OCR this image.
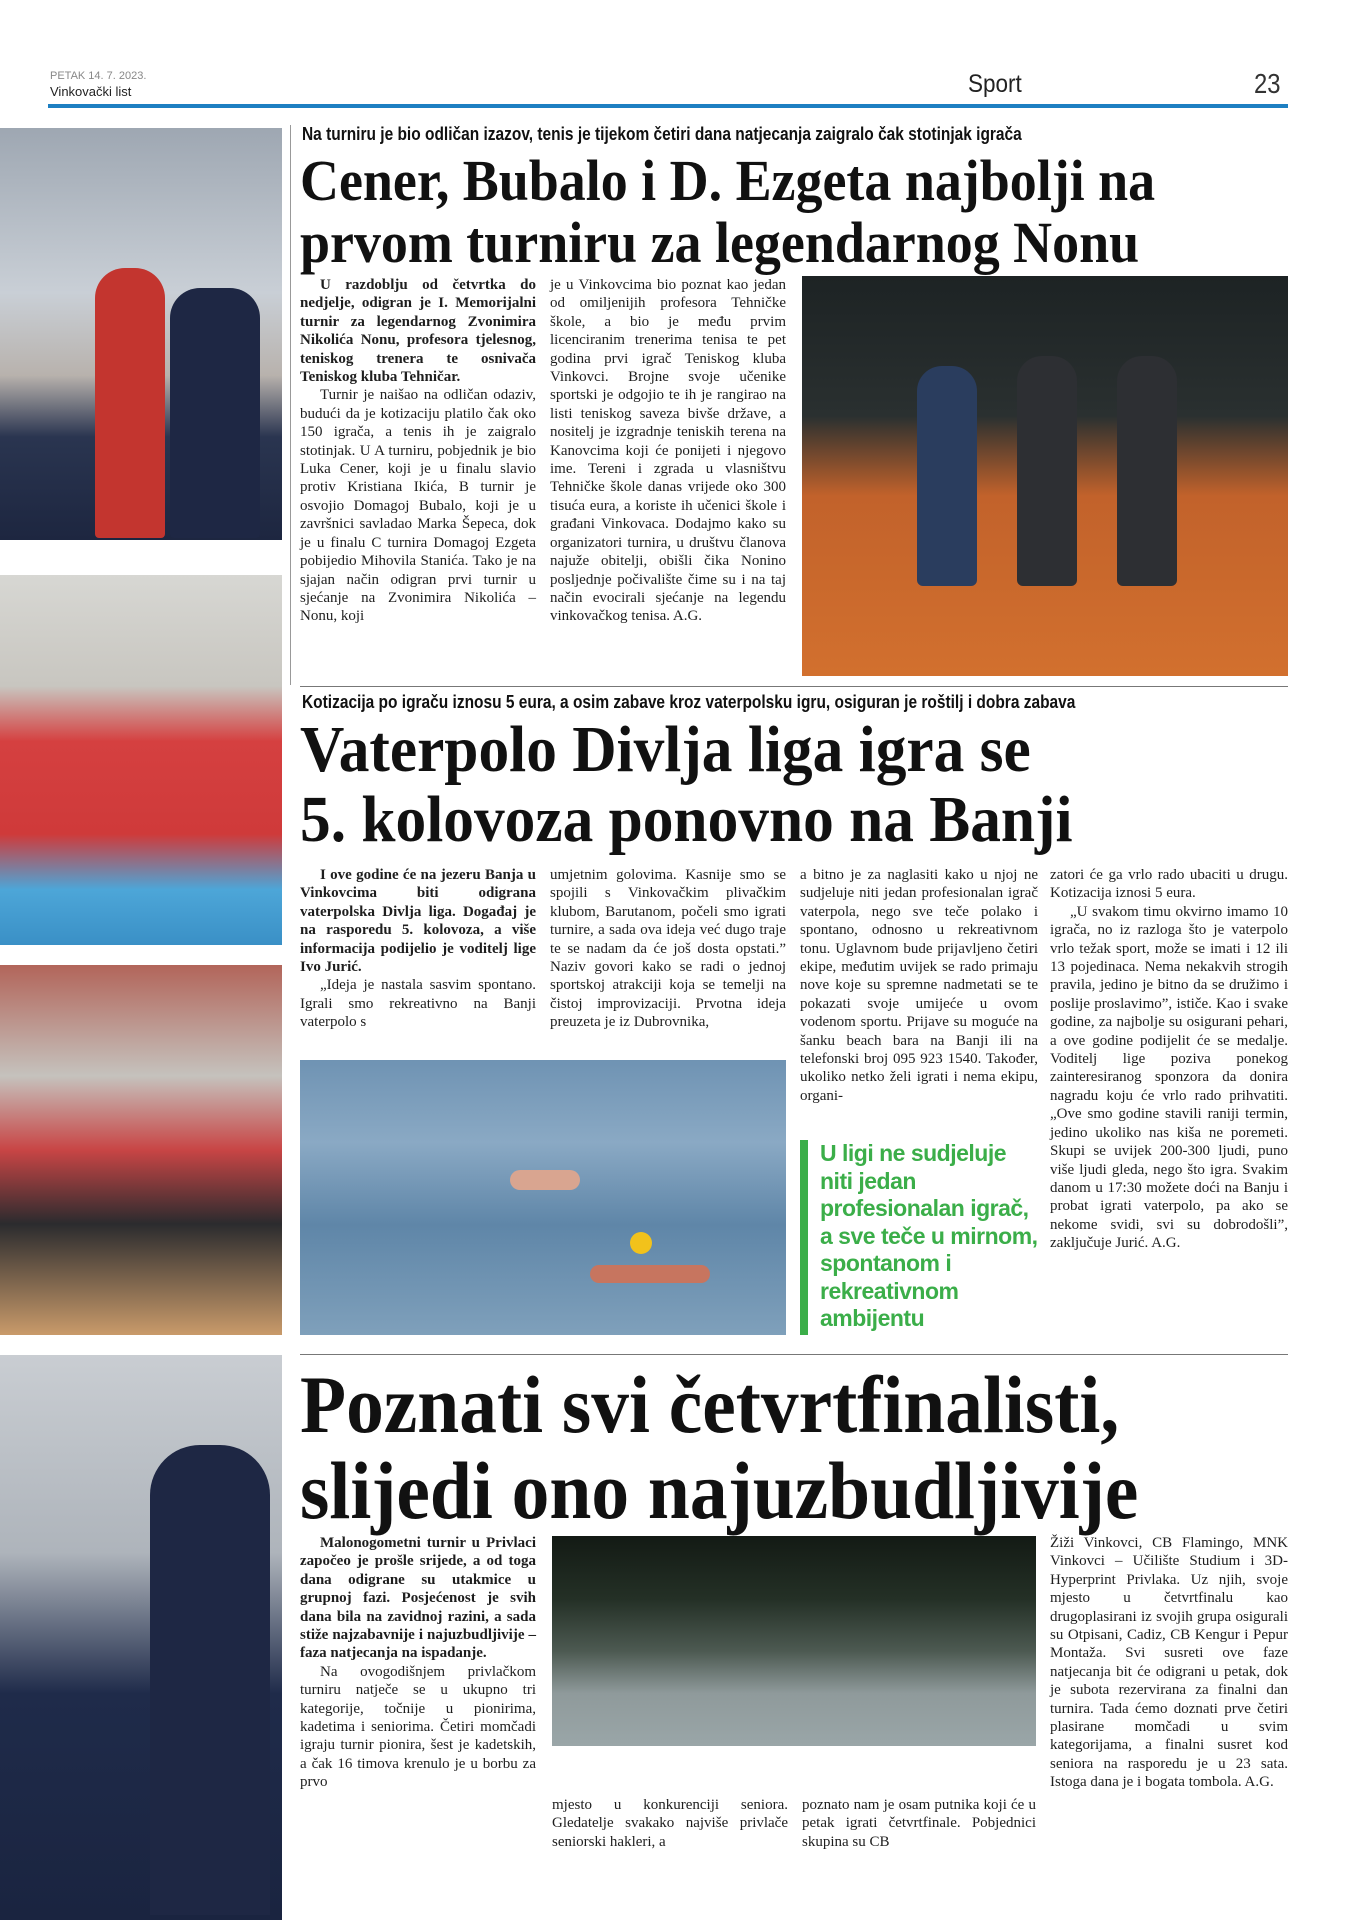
PETAK 14. 7. 2023.
Vinkovački list	Sport	23
Na turniru je bio odličan izazov, tenis je tijekom četiri dana natjecanja zaigralo čak stotinjak igrača
Cener, Bubalo i D. Ezgeta najbolji na
prvom turniru za legendarnog Nonu

U razdoblju od četvrtka do nedjelje, odigran je I. Memorijalni turnir za legendarnog Zvonimira Nikolića Nonu, profesora tjelesnog, teniskog trenera te osnivača Teniskog kluba Tehničar.

Turnir je naišao na odličan odaziv, budući da je kotizaciju platilo čak oko 150 igrača, a tenis ih je zaigralo stotinjak. U A turniru, pobjednik je bio Luka Cener, koji je u finalu slavio protiv Kristiana Ikića, B turnir je osvojio Domagoj Bubalo, koji je u završnici savladao Marka Šepeca, dok je u finalu C turnira Domagoj Ezgeta pobijedio Mihovila Stanića. Tako je na sjajan način odigran prvi turnir u sjećanje na Zvonimira Nikolića – Nonu, koji

je u Vinkovcima bio poznat kao jedan od omiljenijih profesora Tehničke škole, a bio je među prvim licenciranim trenerima tenisa te pet godina prvi igrač Teniskog kluba Vinkovci. Brojne svoje učenike sportski je odgojio te ih je rangirao na listi teniskog saveza bivše države, a nositelj je izgradnje teniskih terena na Kanovcima koji će ponijeti i njegovo ime. Tereni i zgrada u vlasništvu Tehničke škole danas vrijede oko 300 tisuća eura, a koriste ih učenici škole i građani Vinkovaca. Dodajmo kako su organizatori turnira, u društvu članova najuže obitelji, obišli čika Nonino posljednje počivalište čime su i na taj način evocirali sjećanje na legendu vinkovačkog tenisa. A.G.

Kotizacija po igraču iznosu 5 eura, a osim zabave kroz vaterpolsku igru, osiguran je roštilj i dobra zabava
Vaterpolo Divlja liga igra se
5. kolovoza ponovno na Banji

I ove godine će na jezeru Banja u Vinkovcima biti odigrana vaterpolska Divlja liga. Događaj je na rasporedu 5. kolovoza, a više informacija podijelio je voditelj lige Ivo Jurić.

„Ideja je nastala sasvim spontano. Igrali smo rekreativno na Banji vaterpolo s

umjetnim golovima. Kasnije smo se spojili s Vinkovačkim plivačkim klubom, Barutanom, počeli smo igrati turnire, a sada ova ideja već dugo traje te se nadam da će još dosta opstati.” Naziv govori kako se radi o jednoj sportskoj atrakciji koja se temelji na čistoj improvizaciji. Prvotna ideja preuzeta je iz Dubrovnika,

a bitno je za naglasiti kako u njoj ne sudjeluje niti jedan profesionalan igrač vaterpola, nego sve teče polako i spontano, odnosno u rekreativnom tonu. Uglavnom bude prijavljeno četiri ekipe, međutim uvijek se rado primaju nove koje su spremne nadmetati se te pokazati svoje umijeće u ovom vodenom sportu. Prijave su moguće na šanku beach bara na Banji ili na telefonski broj 095 923 1540. Također, ukoliko netko želi igrati i nema ekipu, organi-

U ligi ne sudjeluje niti jedan profesionalan igrač, a sve teče u mirnom, spontanom i rekreativnom ambijentu

zatori će ga vrlo rado ubaciti u drugu. Kotizacija iznosi 5 eura.

„U svakom timu okvirno imamo 10 igrača, no iz razloga što je vaterpolo vrlo težak sport, može se imati i 12 ili 13 pojedinaca. Nema nekakvih strogih pravila, jedino je bitno da se družimo i poslije proslavimo”, ističe. Kao i svake godine, za najbolje su osigurani pehari, a ove godine podijelit će se medalje. Voditelj lige poziva ponekog zainteresiranog sponzora da donira nagradu koju će vrlo rado prihvatiti. „Ove smo godine stavili raniji termin, jedino ukoliko nas kiša ne poremeti. Skupi se uvijek 200-300 ljudi, puno više ljudi gleda, nego što igra. Svakim danom u 17:30 možete doći na Banju i probat igrati vaterpolo, pa ako se nekome svidi, svi su dobrodošli”, zaključuje Jurić. A.G.

Poznati svi četvrtfinalisti,
slijedi ono najuzbudljivije

Malonogometni turnir u Privlaci započeo je prošle srijede, a od toga dana odigrane su utakmice u grupnoj fazi. Posjećenost je svih dana bila na zavidnoj razini, a sada stiže najzabavnije i najuzbudljivije – faza natjecanja na ispadanje.

Na ovogodišnjem privlačkom turniru natječe se u ukupno tri kategorije, točnije u pionirima, kadetima i seniorima. Četiri momčadi igraju turnir pionira, šest je kadetskih, a čak 16 timova krenulo je u borbu za prvo

mjesto u konkurenciji seniora. Gledatelje svakako najviše privlače seniorski hakleri, a

poznato nam je osam putnika koji će u petak igrati četvrtfinale. Pobjednici skupina su CB

Žiži Vinkovci, CB Flamingo, MNK Vinkovci – Učilište Studium i 3D-Hyperprint Privlaka. Uz njih, svoje mjesto u četvrtfinalu kao drugoplasirani iz svojih grupa osigurali su Otpisani, Cadiz, CB Kengur i Pepur Montaža. Svi susreti ove faze natjecanja bit će odigrani u petak, dok je subota rezervirana za finalni dan turnira. Tada ćemo doznati prve četiri plasirane momčadi u svim kategorijama, a finalni susret kod seniora na rasporedu je u 23 sata. Istoga dana je i bogata tombola. A.G.
